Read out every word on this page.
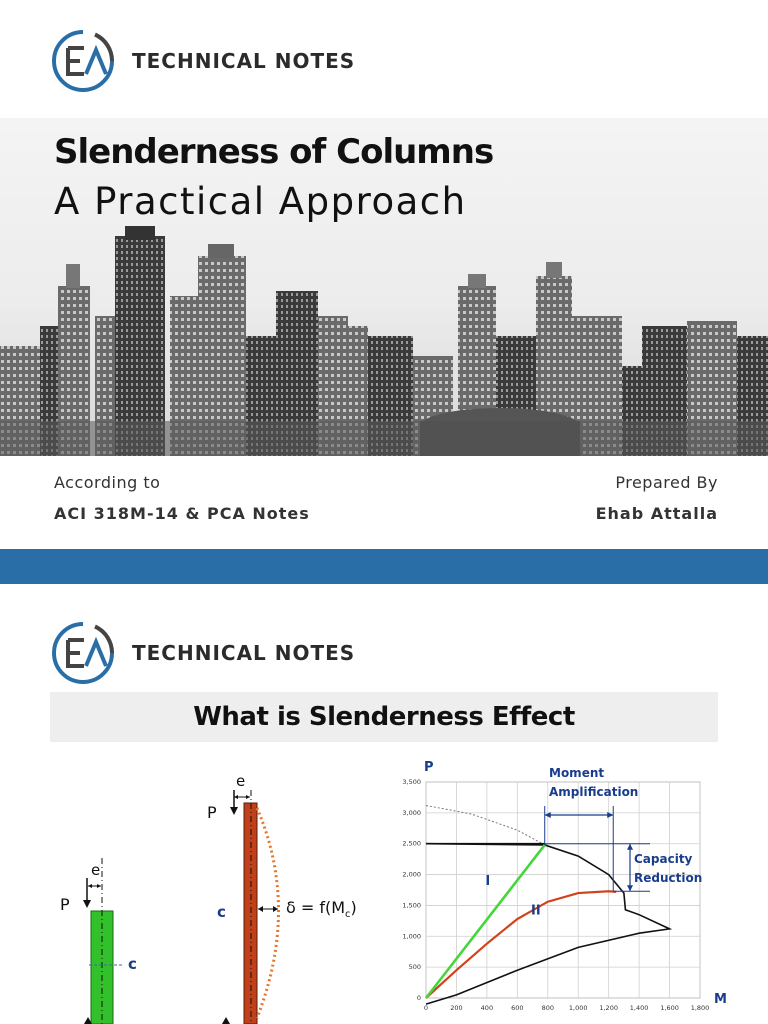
TECHNICAL NOTES
Slenderness of Columns

A Practical Approach

According to
ACI 318M-14 & PCA Notes
Prepared By
Ehab Attalla
TECHNICAL NOTES
What is Slenderness Effect
e
P
c
e
P
c	$\delta = f(M_c)$
0	200	400	600	800 1,000 1,200 1,400 1,600 1,800
0
500
1,000
1,500
2,000
2,500
3,000
3,500
I
II
P
M
Moment
Amplification
Capacity
Reduction
